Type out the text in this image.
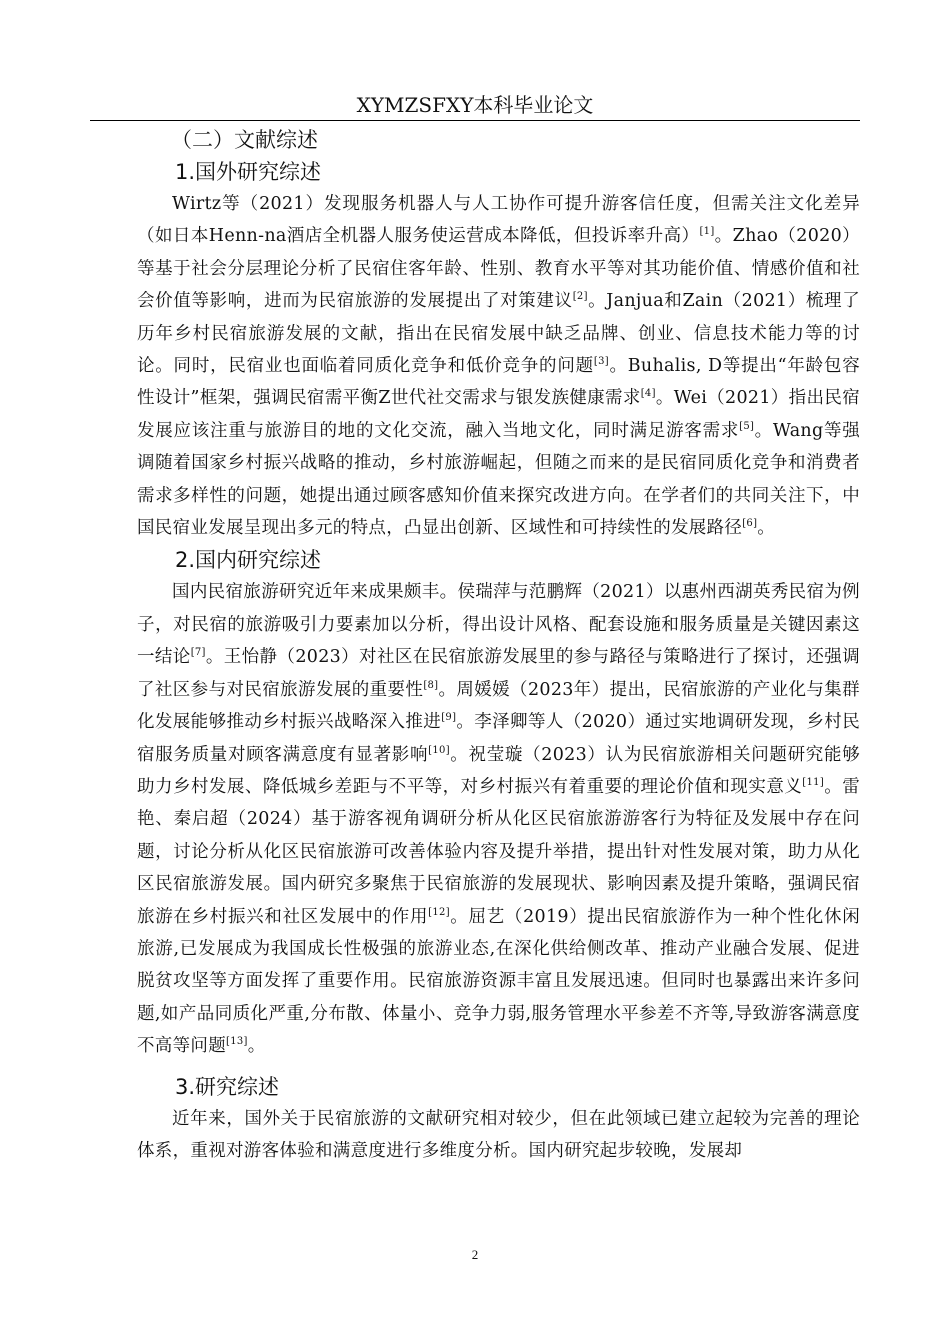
XYMZSFXY本科毕业论文
（二）文献综述
1.国外研究综述

Wirtz等（2021）发现服务机器人与人工协作可提升游客信任度，但需关注文化差异（如日本Henn-na酒店全机器人服务使运营成本降低，但投诉率升高）[1]。Zhao（2020）等基于社会分层理论分析了民宿住客年龄、性别、教育水平等对其功能价值、情感价值和社会价值等影响，进而为民宿旅游的发展提出了对策建议[2]。Janjua和Zain（2021）梳理了历年乡村民宿旅游发展的文献，指出在民宿发展中缺乏品牌、创业、信息技术能力等的讨论。同时，民宿业也面临着同质化竞争和低价竞争的问题[3]。Buhalis, D等提出“年龄包容性设计”框架，强调民宿需平衡Z世代社交需求与银发族健康需求[4]。Wei（2021）指出民宿发展应该注重与旅游目的地的文化交流，融入当地文化，同时满足游客需求[5]。Wang等强调随着国家乡村振兴战略的推动，乡村旅游崛起，但随之而来的是民宿同质化竞争和消费者需求多样性的问题，她提出通过顾客感知价值来探究改进方向。在学者们的共同关注下，中国民宿业发展呈现出多元的特点，凸显出创新、区域性和可持续性的发展路径[6]。

2.国内研究综述

国内民宿旅游研究近年来成果颇丰。侯瑞萍与范鹏辉（2021）以惠州西湖英秀民宿为例子，对民宿的旅游吸引力要素加以分析，得出设计风格、配套设施和服务质量是关键因素这一结论[7]。王怡静（2023）对社区在民宿旅游发展里的参与路径与策略进行了探讨，还强调了社区参与对民宿旅游发展的重要性[8]。周媛媛（2023年）提出，民宿旅游的产业化与集群化发展能够推动乡村振兴战略深入推进[9]。李泽卿等人（2020）通过实地调研发现，乡村民宿服务质量对顾客满意度有显著影响[10]。祝莹璇（2023）认为民宿旅游相关问题研究能够助力乡村发展、降低城乡差距与不平等，对乡村振兴有着重要的理论价值和现实意义[11]。雷艳、秦启超（2024）基于游客视角调研分析从化区民宿旅游游客行为特征及发展中存在问题，讨论分析从化区民宿旅游可改善体验内容及提升举措，提出针对性发展对策，助力从化区民宿旅游发展。国内研究多聚焦于民宿旅游的发展现状、影响因素及提升策略，强调民宿旅游在乡村振兴和社区发展中的作用[12]。屈艺（2019）提出民宿旅游作为一种个性化休闲旅游,已发展成为我国成长性极强的旅游业态,在深化供给侧改革、推动产业融合发展、促进脱贫攻坚等方面发挥了重要作用。民宿旅游资源丰富且发展迅速。但同时也暴露出来许多问题,如产品同质化严重,分布散、体量小、竞争力弱,服务管理水平参差不齐等,导致游客满意度不高等问题[13]。

3.研究综述

近年来，国外关于民宿旅游的文献研究相对较少，但在此领域已建立起较为完善的理论体系，重视对游客体验和满意度进行多维度分析。国内研究起步较晚，发展却

2
